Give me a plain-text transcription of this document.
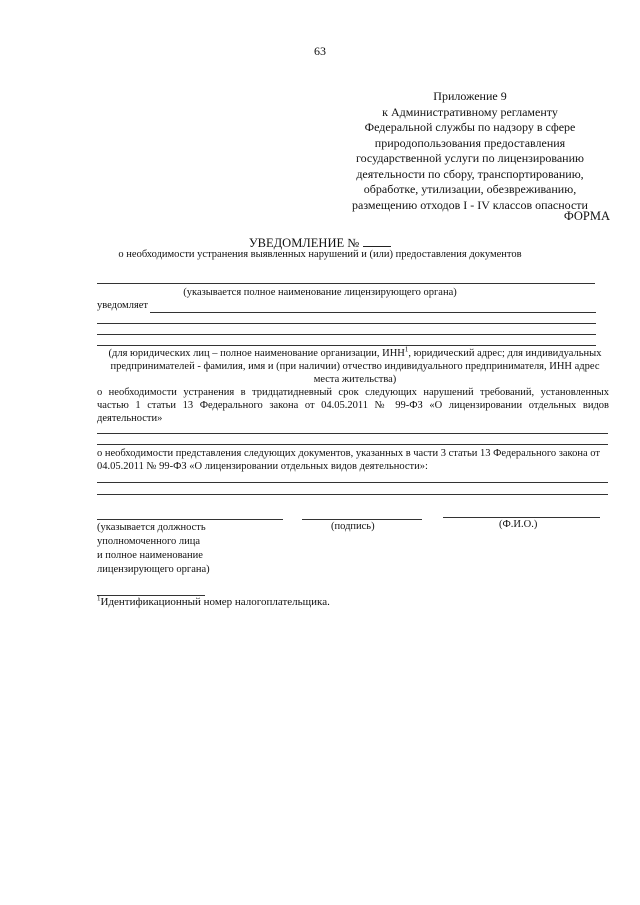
63
Приложение 9
к Административному регламенту
Федеральной службы по надзору в сфере
природопользования предоставления
государственной услуги по лицензированию
деятельности по сбору, транспортированию,
обработке, утилизации, обезвреживанию,
размещению отходов I - IV классов опасности
ФОРМА
УВЕДОМЛЕНИЕ №
о необходимости устранения выявленных нарушений и (или) предоставления документов
(указывается полное наименование лицензирующего органа)
уведомляет
(для юридических лиц – полное наименование организации, ИНН$^1$, юридический адрес; для индивидуальных
предпринимателей - фамилия, имя и (при наличии) отчество индивидуального предпринимателя, ИНН адрес
места жительства)
о необходимости устранения в тридцатидневный срок следующих нарушений требований, установленных
частью 1 статьи 13 Федерального закона от 04.05.2011 № 99-ФЗ «О лицензировании отдельных видов
деятельности»
о необходимости представления следующих документов, указанных в части 3 статьи 13 Федерального закона от
04.05.2011 № 99-ФЗ «О лицензировании отдельных видов деятельности»:
(указывается должность
уполномоченного лица
и полное наименование
лицензирующего органа)
(подпись)	(Ф.И.О.)
$^1$Идентификационный номер налогоплательщика.
